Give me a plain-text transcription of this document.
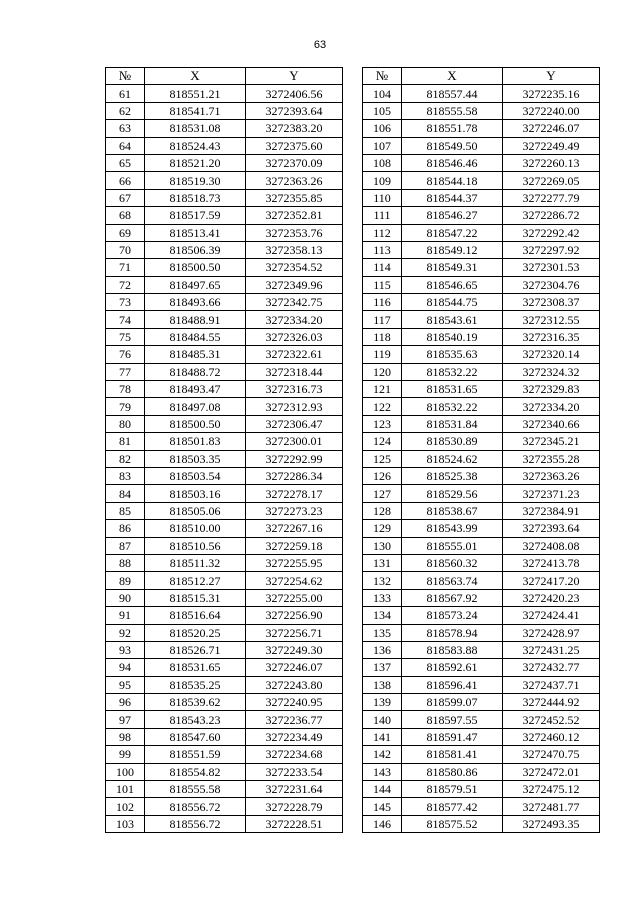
63
№	X	Y		№	X	Y
61	818551.21	3272406.56		104	818557.44	3272235.16
62	818541.71	3272393.64		105	818555.58	3272240.00
63	818531.08	3272383.20		106	818551.78	3272246.07
64	818524.43	3272375.60		107	818549.50	3272249.49
65	818521.20	3272370.09		108	818546.46	3272260.13
66	818519.30	3272363.26		109	818544.18	3272269.05
67	818518.73	3272355.85		110	818544.37	3272277.79
68	818517.59	3272352.81		111	818546.27	3272286.72
69	818513.41	3272353.76		112	818547.22	3272292.42
70	818506.39	3272358.13		113	818549.12	3272297.92
71	818500.50	3272354.52		114	818549.31	3272301.53
72	818497.65	3272349.96		115	818546.65	3272304.76
73	818493.66	3272342.75		116	818544.75	3272308.37
74	818488.91	3272334.20		117	818543.61	3272312.55
75	818484.55	3272326.03		118	818540.19	3272316.35
76	818485.31	3272322.61		119	818535.63	3272320.14
77	818488.72	3272318.44		120	818532.22	3272324.32
78	818493.47	3272316.73		121	818531.65	3272329.83
79	818497.08	3272312.93		122	818532.22	3272334.20
80	818500.50	3272306.47		123	818531.84	3272340.66
81	818501.83	3272300.01		124	818530.89	3272345.21
82	818503.35	3272292.99		125	818524.62	3272355.28
83	818503.54	3272286.34		126	818525.38	3272363.26
84	818503.16	3272278.17		127	818529.56	3272371.23
85	818505.06	3272273.23		128	818538.67	3272384.91
86	818510.00	3272267.16		129	818543.99	3272393.64
87	818510.56	3272259.18		130	818555.01	3272408.08
88	818511.32	3272255.95		131	818560.32	3272413.78
89	818512.27	3272254.62		132	818563.74	3272417.20
90	818515.31	3272255.00		133	818567.92	3272420.23
91	818516.64	3272256.90		134	818573.24	3272424.41
92	818520.25	3272256.71		135	818578.94	3272428.97
93	818526.71	3272249.30		136	818583.88	3272431.25
94	818531.65	3272246.07		137	818592.61	3272432.77
95	818535.25	3272243.80		138	818596.41	3272437.71
96	818539.62	3272240.95		139	818599.07	3272444.92
97	818543.23	3272236.77		140	818597.55	3272452.52
98	818547.60	3272234.49		141	818591.47	3272460.12
99	818551.59	3272234.68		142	818581.41	3272470.75
100	818554.82	3272233.54		143	818580.86	3272472.01
101	818555.58	3272231.64		144	818579.51	3272475.12
102	818556.72	3272228.79		145	818577.42	3272481.77
103	818556.72	3272228.51		146	818575.52	3272493.35
